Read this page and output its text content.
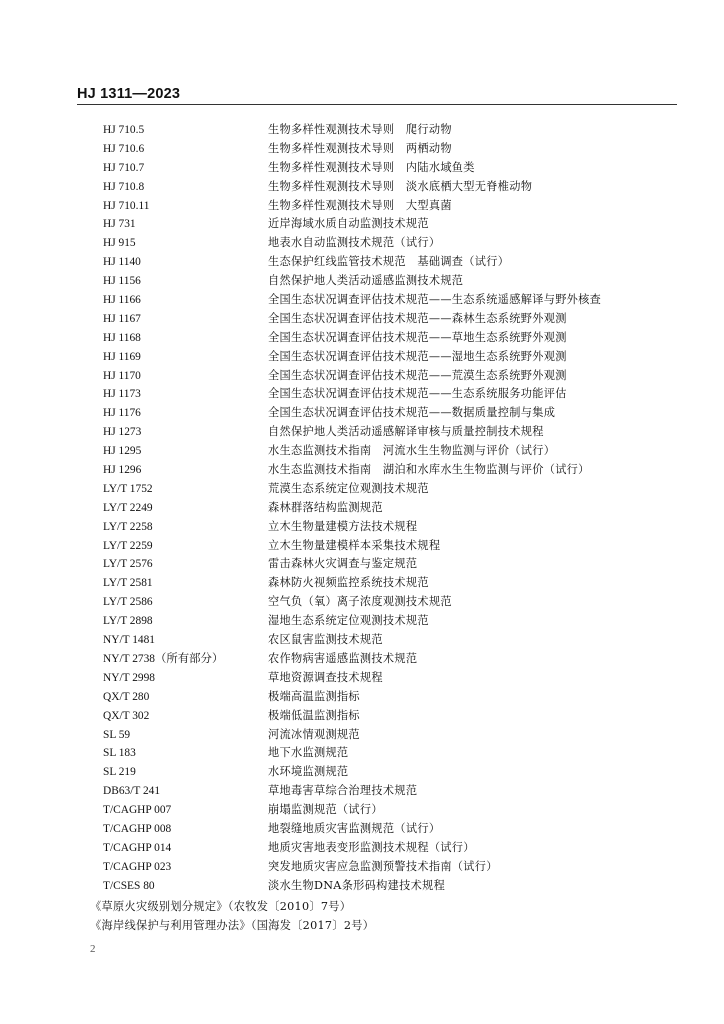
HJ 1311—2023
HJ 710.5	生物多样性观测技术导则　爬行动物
HJ 710.6	生物多样性观测技术导则　两栖动物
HJ 710.7	生物多样性观测技术导则　内陆水域鱼类
HJ 710.8	生物多样性观测技术导则　淡水底栖大型无脊椎动物
HJ 710.11	生物多样性观测技术导则　大型真菌
HJ 731	近岸海域水质自动监测技术规范
HJ 915	地表水自动监测技术规范（试行）
HJ 1140	生态保护红线监管技术规范　基础调查（试行）
HJ 1156	自然保护地人类活动遥感监测技术规范
HJ 1166	全国生态状况调查评估技术规范——生态系统遥感解译与野外核查
HJ 1167	全国生态状况调查评估技术规范——森林生态系统野外观测
HJ 1168	全国生态状况调查评估技术规范——草地生态系统野外观测
HJ 1169	全国生态状况调查评估技术规范——湿地生态系统野外观测
HJ 1170	全国生态状况调查评估技术规范——荒漠生态系统野外观测
HJ 1173	全国生态状况调查评估技术规范——生态系统服务功能评估
HJ 1176	全国生态状况调查评估技术规范——数据质量控制与集成
HJ 1273	自然保护地人类活动遥感解译审核与质量控制技术规程
HJ 1295	水生态监测技术指南　河流水生生物监测与评价（试行）
HJ 1296	水生态监测技术指南　湖泊和水库水生生物监测与评价（试行）
LY/T 1752	荒漠生态系统定位观测技术规范
LY/T 2249	森林群落结构监测规范
LY/T 2258	立木生物量建模方法技术规程
LY/T 2259	立木生物量建模样本采集技术规程
LY/T 2576	雷击森林火灾调查与鉴定规范
LY/T 2581	森林防火视频监控系统技术规范
LY/T 2586	空气负（氧）离子浓度观测技术规范
LY/T 2898	湿地生态系统定位观测技术规范
NY/T 1481	农区鼠害监测技术规范
NY/T 2738（所有部分）	农作物病害遥感监测技术规范
NY/T 2998	草地资源调查技术规程
QX/T 280	极端高温监测指标
QX/T 302	极端低温监测指标
SL 59	河流冰情观测规范
SL 183	地下水监测规范
SL 219	水环境监测规范
DB63/T 241	草地毒害草综合治理技术规范
T/CAGHP 007	崩塌监测规范（试行）
T/CAGHP 008	地裂缝地质灾害监测规范（试行）
T/CAGHP 014	地质灾害地表变形监测技术规程（试行）
T/CAGHP 023	突发地质灾害应急监测预警技术指南（试行）
T/CSES 80	淡水生物DNA条形码构建技术规程
《草原火灾级别划分规定》（农牧发〔2010〕7号）
《海岸线保护与利用管理办法》（国海发〔2017〕2号）
2
